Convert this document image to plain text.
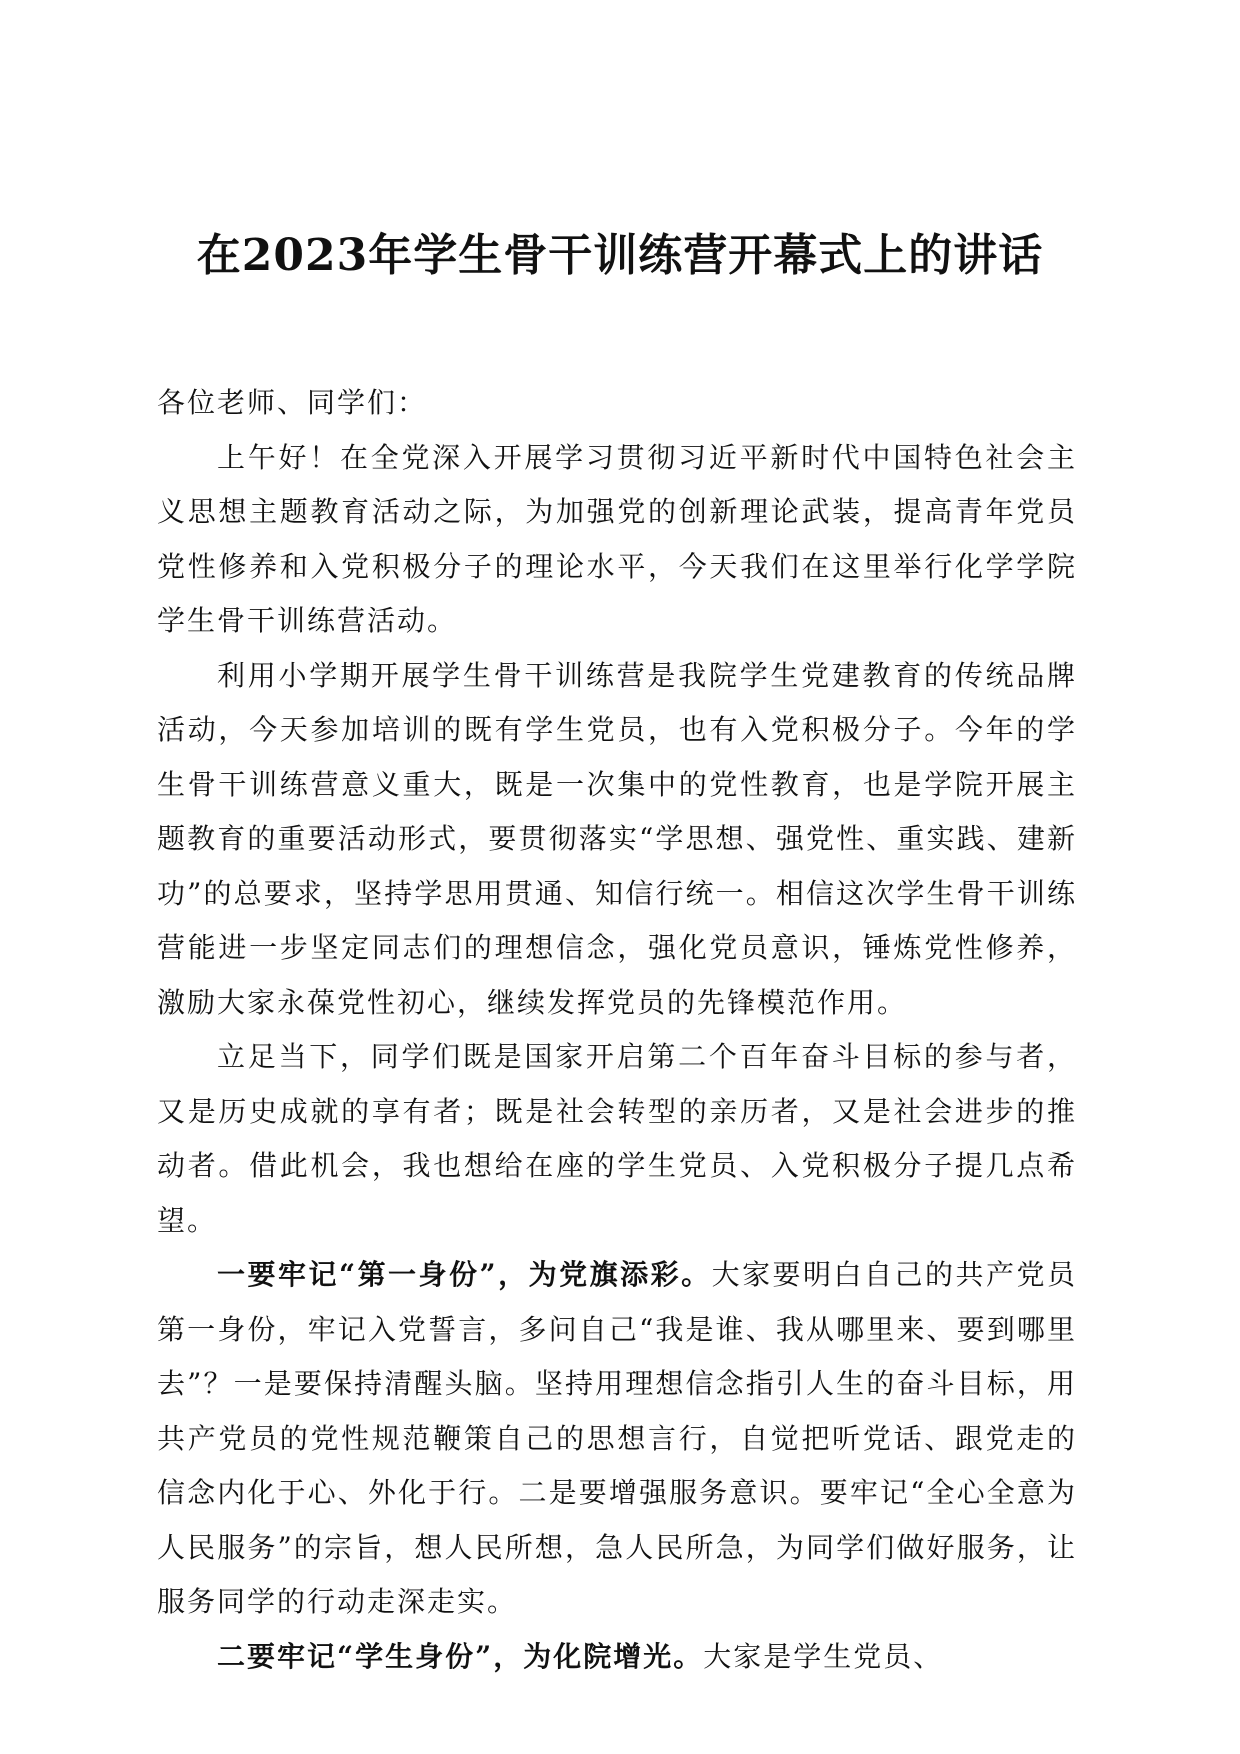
在2023年学生骨干训练营开幕式上的讲话

各位老师、同学们：

上午好！在全党深入开展学习贯彻习近平新时代中国特色社会主义思想主题教育活动之际，为加强党的创新理论武装，提高青年党员党性修养和入党积极分子的理论水平，今天我们在这里举行化学学院学生骨干训练营活动。

利用小学期开展学生骨干训练营是我院学生党建教育的传统品牌活动，今天参加培训的既有学生党员，也有入党积极分子。今年的学生骨干训练营意义重大，既是一次集中的党性教育，也是学院开展主题教育的重要活动形式，要贯彻落实“学思想、强党性、重实践、建新功”的总要求，坚持学思用贯通、知信行统一。相信这次学生骨干训练营能进一步坚定同志们的理想信念，强化党员意识，锤炼党性修养，激励大家永葆党性初心，继续发挥党员的先锋模范作用。

立足当下，同学们既是国家开启第二个百年奋斗目标的参与者，又是历史成就的享有者；既是社会转型的亲历者，又是社会进步的推动者。借此机会，我也想给在座的学生党员、入党积极分子提几点希望。

一要牢记“第一身份”，为党旗添彩。大家要明白自己的共产党员第一身份，牢记入党誓言，多问自己“我是谁、我从哪里来、要到哪里去”？一是要保持清醒头脑。坚持用理想信念指引人生的奋斗目标，用共产党员的党性规范鞭策自己的思想言行，自觉把听党话、跟党走的信念内化于心、外化于行。二是要增强服务意识。要牢记“全心全意为人民服务”的宗旨，想人民所想，急人民所急，为同学们做好服务，让服务同学的行动走深走实。

二要牢记“学生身份”，为化院增光。大家是学生党员、
